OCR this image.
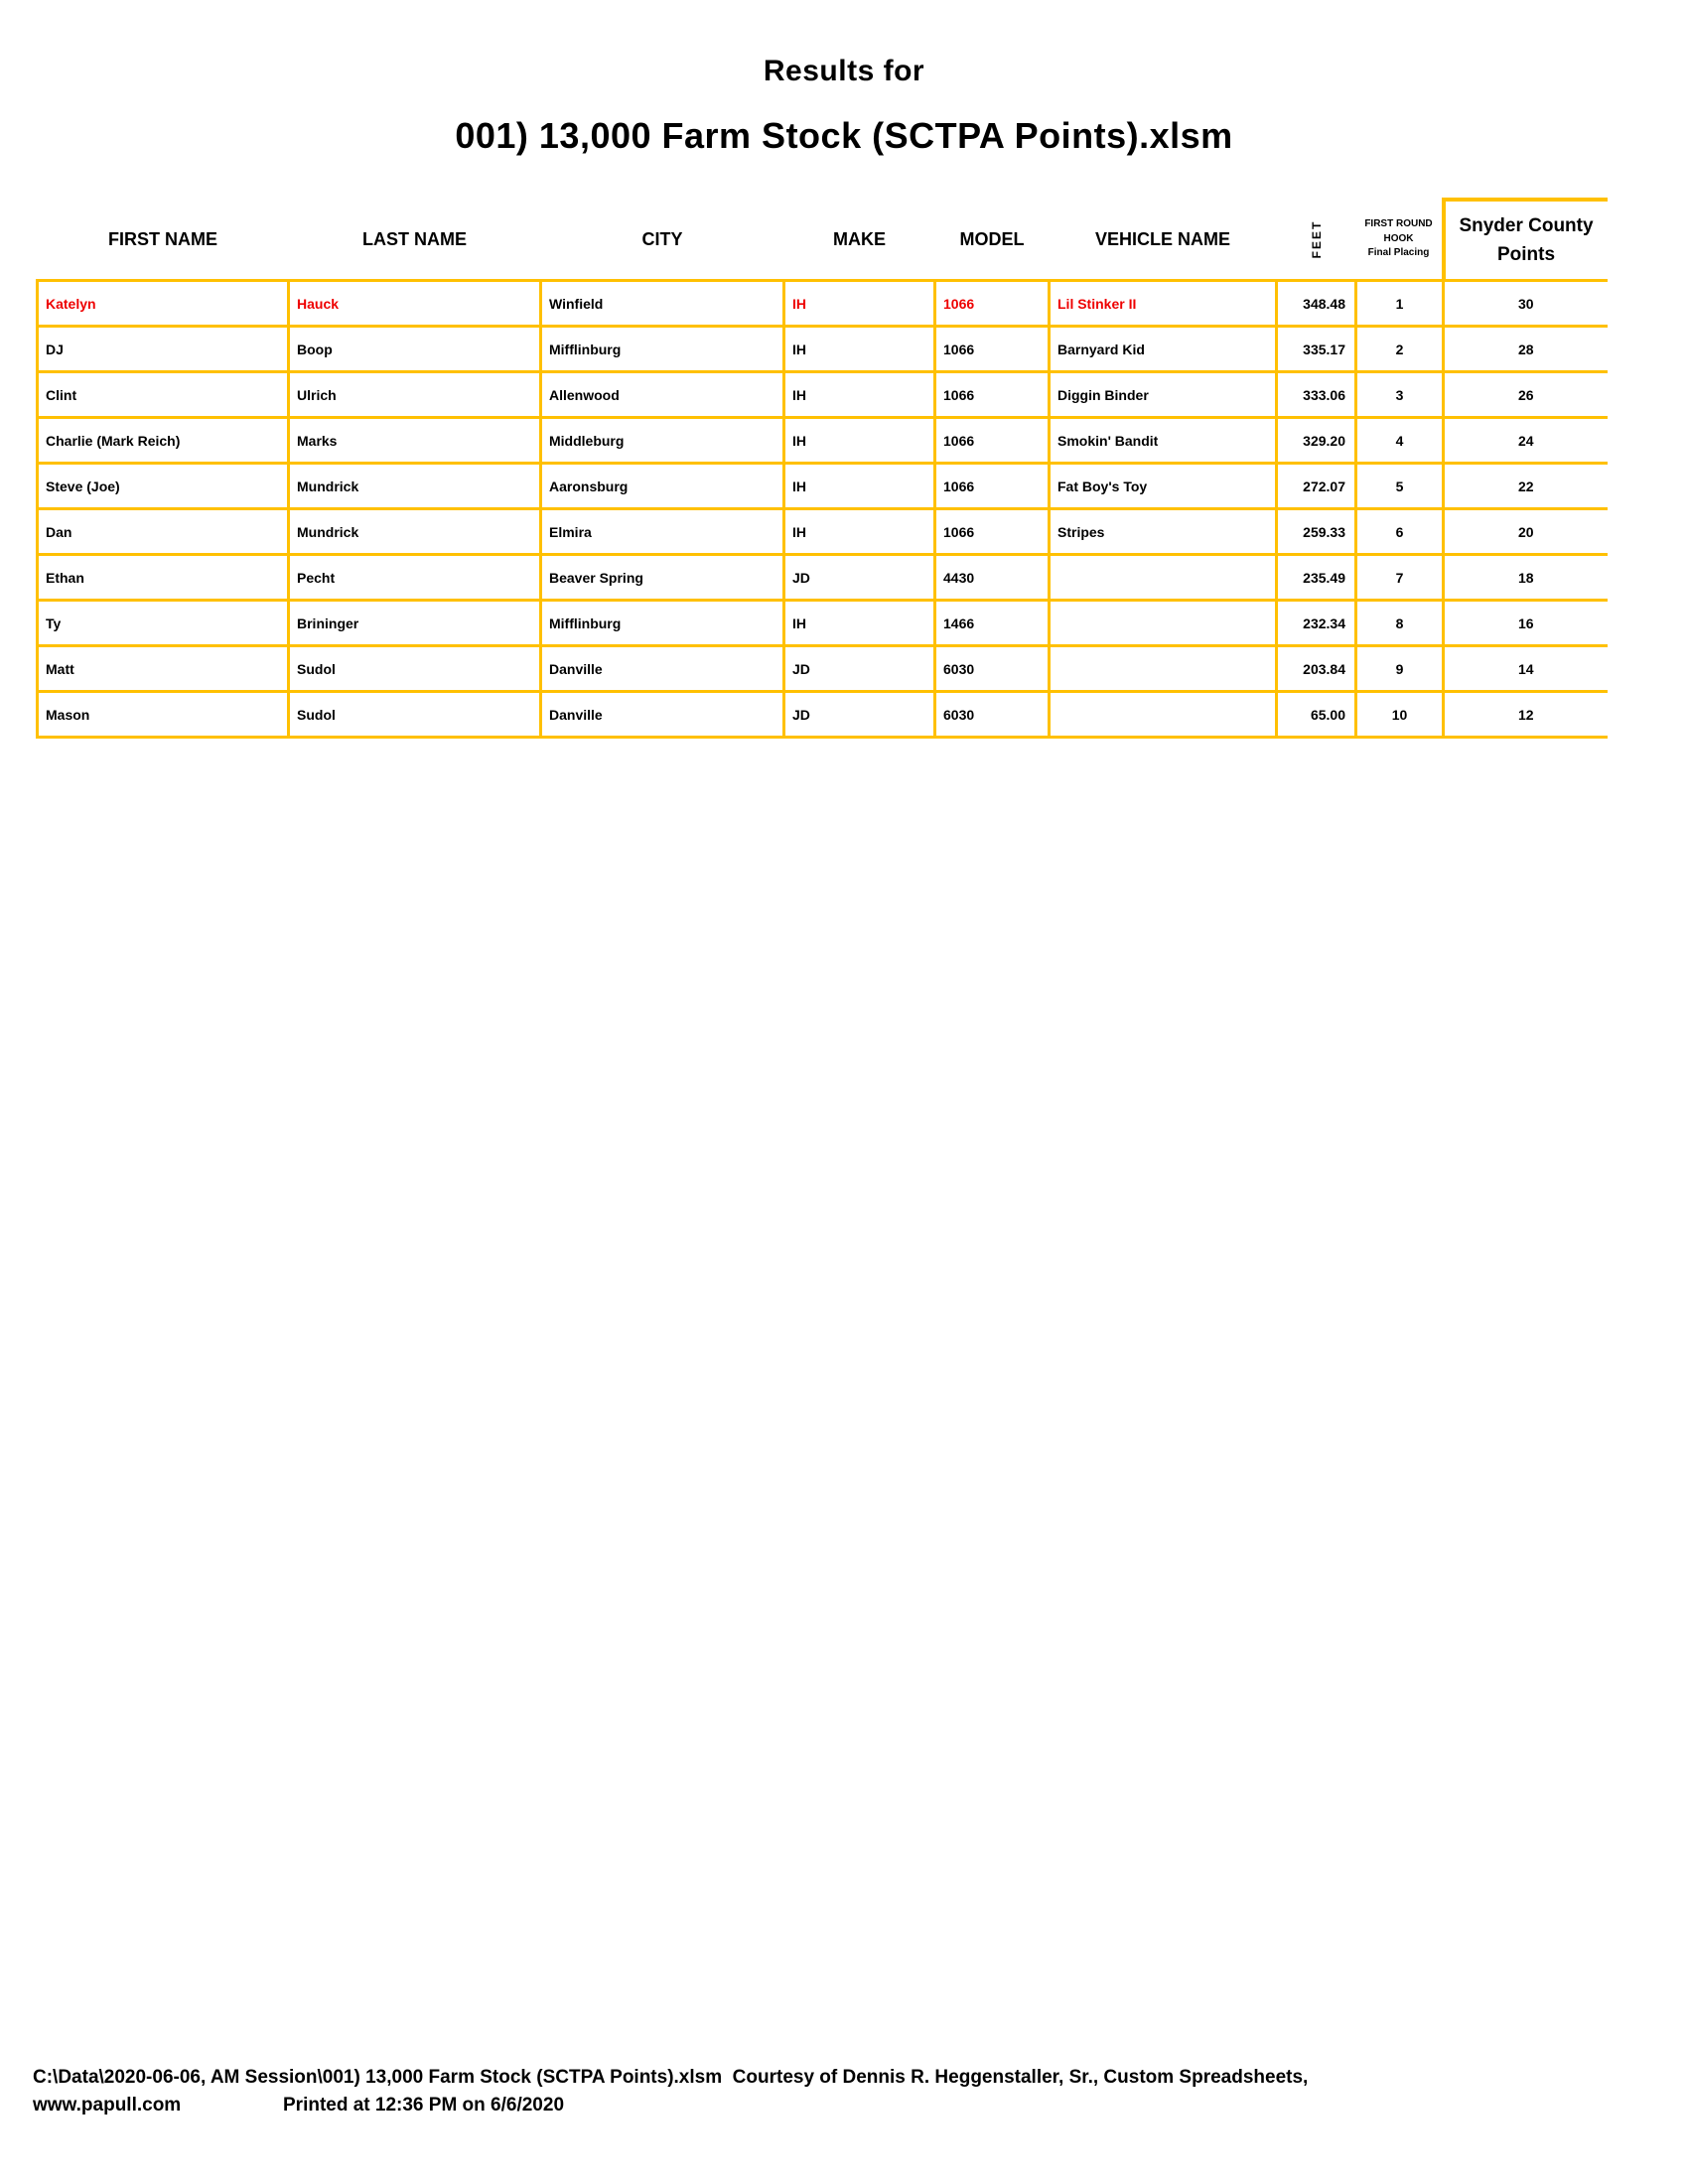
Results for
001) 13,000 Farm Stock (SCTPA Points).xlsm
FIRST NAME	LAST NAME	CITY	MAKE	MODEL	VEHICLE NAME	FEET	FIRST ROUND
HOOK
Final Placing	Snyder County Points
Katelyn	Hauck	Winfield	IH	1066	Lil Stinker II	348.48	1	30
DJ	Boop	Mifflinburg	IH	1066	Barnyard Kid	335.17	2	28
Clint	Ulrich	Allenwood	IH	1066	Diggin Binder	333.06	3	26
Charlie (Mark Reich)	Marks	Middleburg	IH	1066	Smokin' Bandit	329.20	4	24
Steve (Joe)	Mundrick	Aaronsburg	IH	1066	Fat Boy's Toy	272.07	5	22
Dan	Mundrick	Elmira	IH	1066	Stripes	259.33	6	20
Ethan	Pecht	Beaver Spring	JD	4430		235.49	7	18
Ty	Brininger	Mifflinburg	IH	1466		232.34	8	16
Matt	Sudol	Danville	JD	6030		203.84	9	14
Mason	Sudol	Danville	JD	6030		65.00	10	12
C:\Data\2020-06-06, AM Session\001) 13,000 Farm Stock (SCTPA Points).xlsm  Courtesy of Dennis R. Heggenstaller, Sr., Custom Spreadsheets,
www.papull.com	Printed at 12:36 PM on 6/6/2020
